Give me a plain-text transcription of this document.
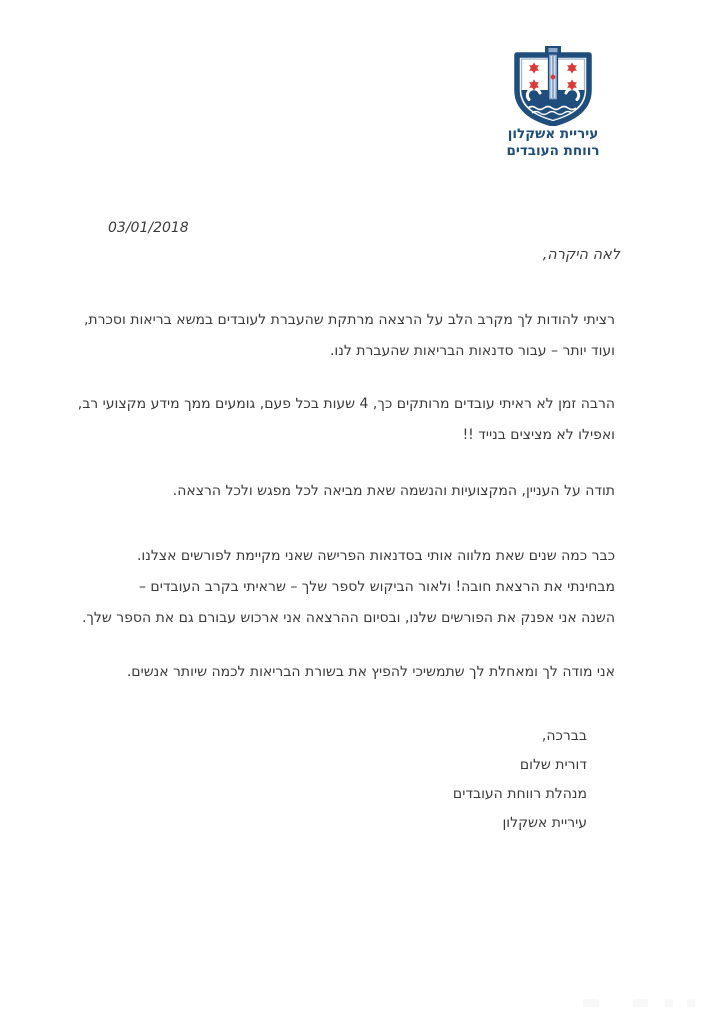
עיריית אשקלון
רווחת העובדים
03/01/2018
לאה היקרה,
רציתי להודות לך מקרב הלב על הרצאה מרתקת שהעברת לעובדים במשא בריאות וסכרת,
ועוד יותר – עבור סדנאות הבריאות שהעברת לנו.
הרבה זמן לא ראיתי עובדים מרותקים כך, 4 שעות בכל פעם, גומעים ממך מידע מקצועי רב,
ואפילו לא מציצים בנייד !!
תודה על העניין, המקצועיות והנשמה שאת מביאה לכל מפגש ולכל הרצאה.
כבר כמה שנים שאת מלווה אותי בסדנאות הפרישה שאני מקיימת לפורשים אצלנו.
מבחינתי את הרצאת חובה! ולאור הביקוש לספר שלך – שראיתי בקרב העובדים –
השנה אני אפנק את הפורשים שלנו, ובסיום ההרצאה אני ארכוש עבורם גם את הספר שלך.
אני מודה לך ומאחלת לך שתמשיכי להפיץ את בשורת הבריאות לכמה שיותר אנשים.
בברכה,
דורית שלום
מנהלת רווחת העובדים
עיריית אשקלון
